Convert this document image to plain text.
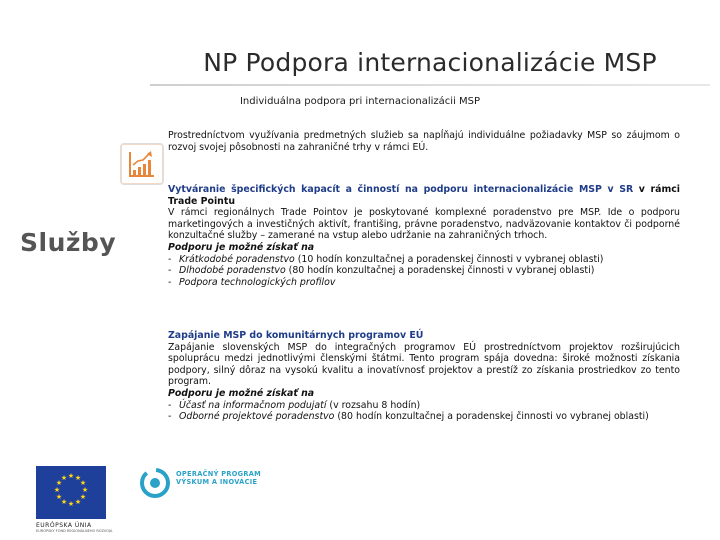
NP Podpora internacionalizácie MSP
Individuálna podpora pri internacionalizácii MSP
Služby
Prostredníctvom využívania predmetných služieb sa napĺňajú individuálne požiadavky MSP so záujmom o rozvoj svojej pôsobnosti na zahraničné trhy v rámci EÚ.
Vytváranie špecifických kapacít a činností na podporu internacionalizácie MSP v SR v rámci Trade Pointu
V rámci regionálnych Trade Pointov je poskytované komplexné poradenstvo pre MSP. Ide o podporu marketingových a investičných aktivít, františing, právne poradenstvo, nadväzovanie kontaktov či podporné konzultačné služby – zamerané na vstup alebo udržanie na zahraničných trhoch.
Podporu je možné získať na
- Krátkodobé poradenstvo (10 hodín konzultačnej a poradenskej činnosti v vybranej oblasti)
- Dlhodobé poradenstvo (80 hodín konzultačnej a poradenskej činnosti v vybranej oblasti)
- Podpora technologických profilov
Zapájanie MSP do komunitárnych programov EÚ
Zapájanie slovenských MSP do integračných programov EÚ prostredníctvom projektov rozširujúcich spoluprácu medzi jednotlivými členskými štátmi. Tento program spája dovedna: široké možnosti získania podpory, silný dôraz na vysokú kvalitu a inovatívnosť projektov a prestíž zo získania prostriedkov zo tento program.
Podporu je možné získať na
- Účasť na informačnom podujatí (v rozsahu 8 hodín)
- Odborné projektové poradenstvo (80 hodín konzultačnej a poradenskej činnosti vo vybranej oblasti)
★ ★
★
★
★
★
★
★
★
★
★
★
EURÓPSKA ÚNIA
EURÓPSKY FOND REGIONÁLNEHO ROZVOJA
OPERAČNÝ PROGRAM
VÝSKUM A INOVÁCIE
